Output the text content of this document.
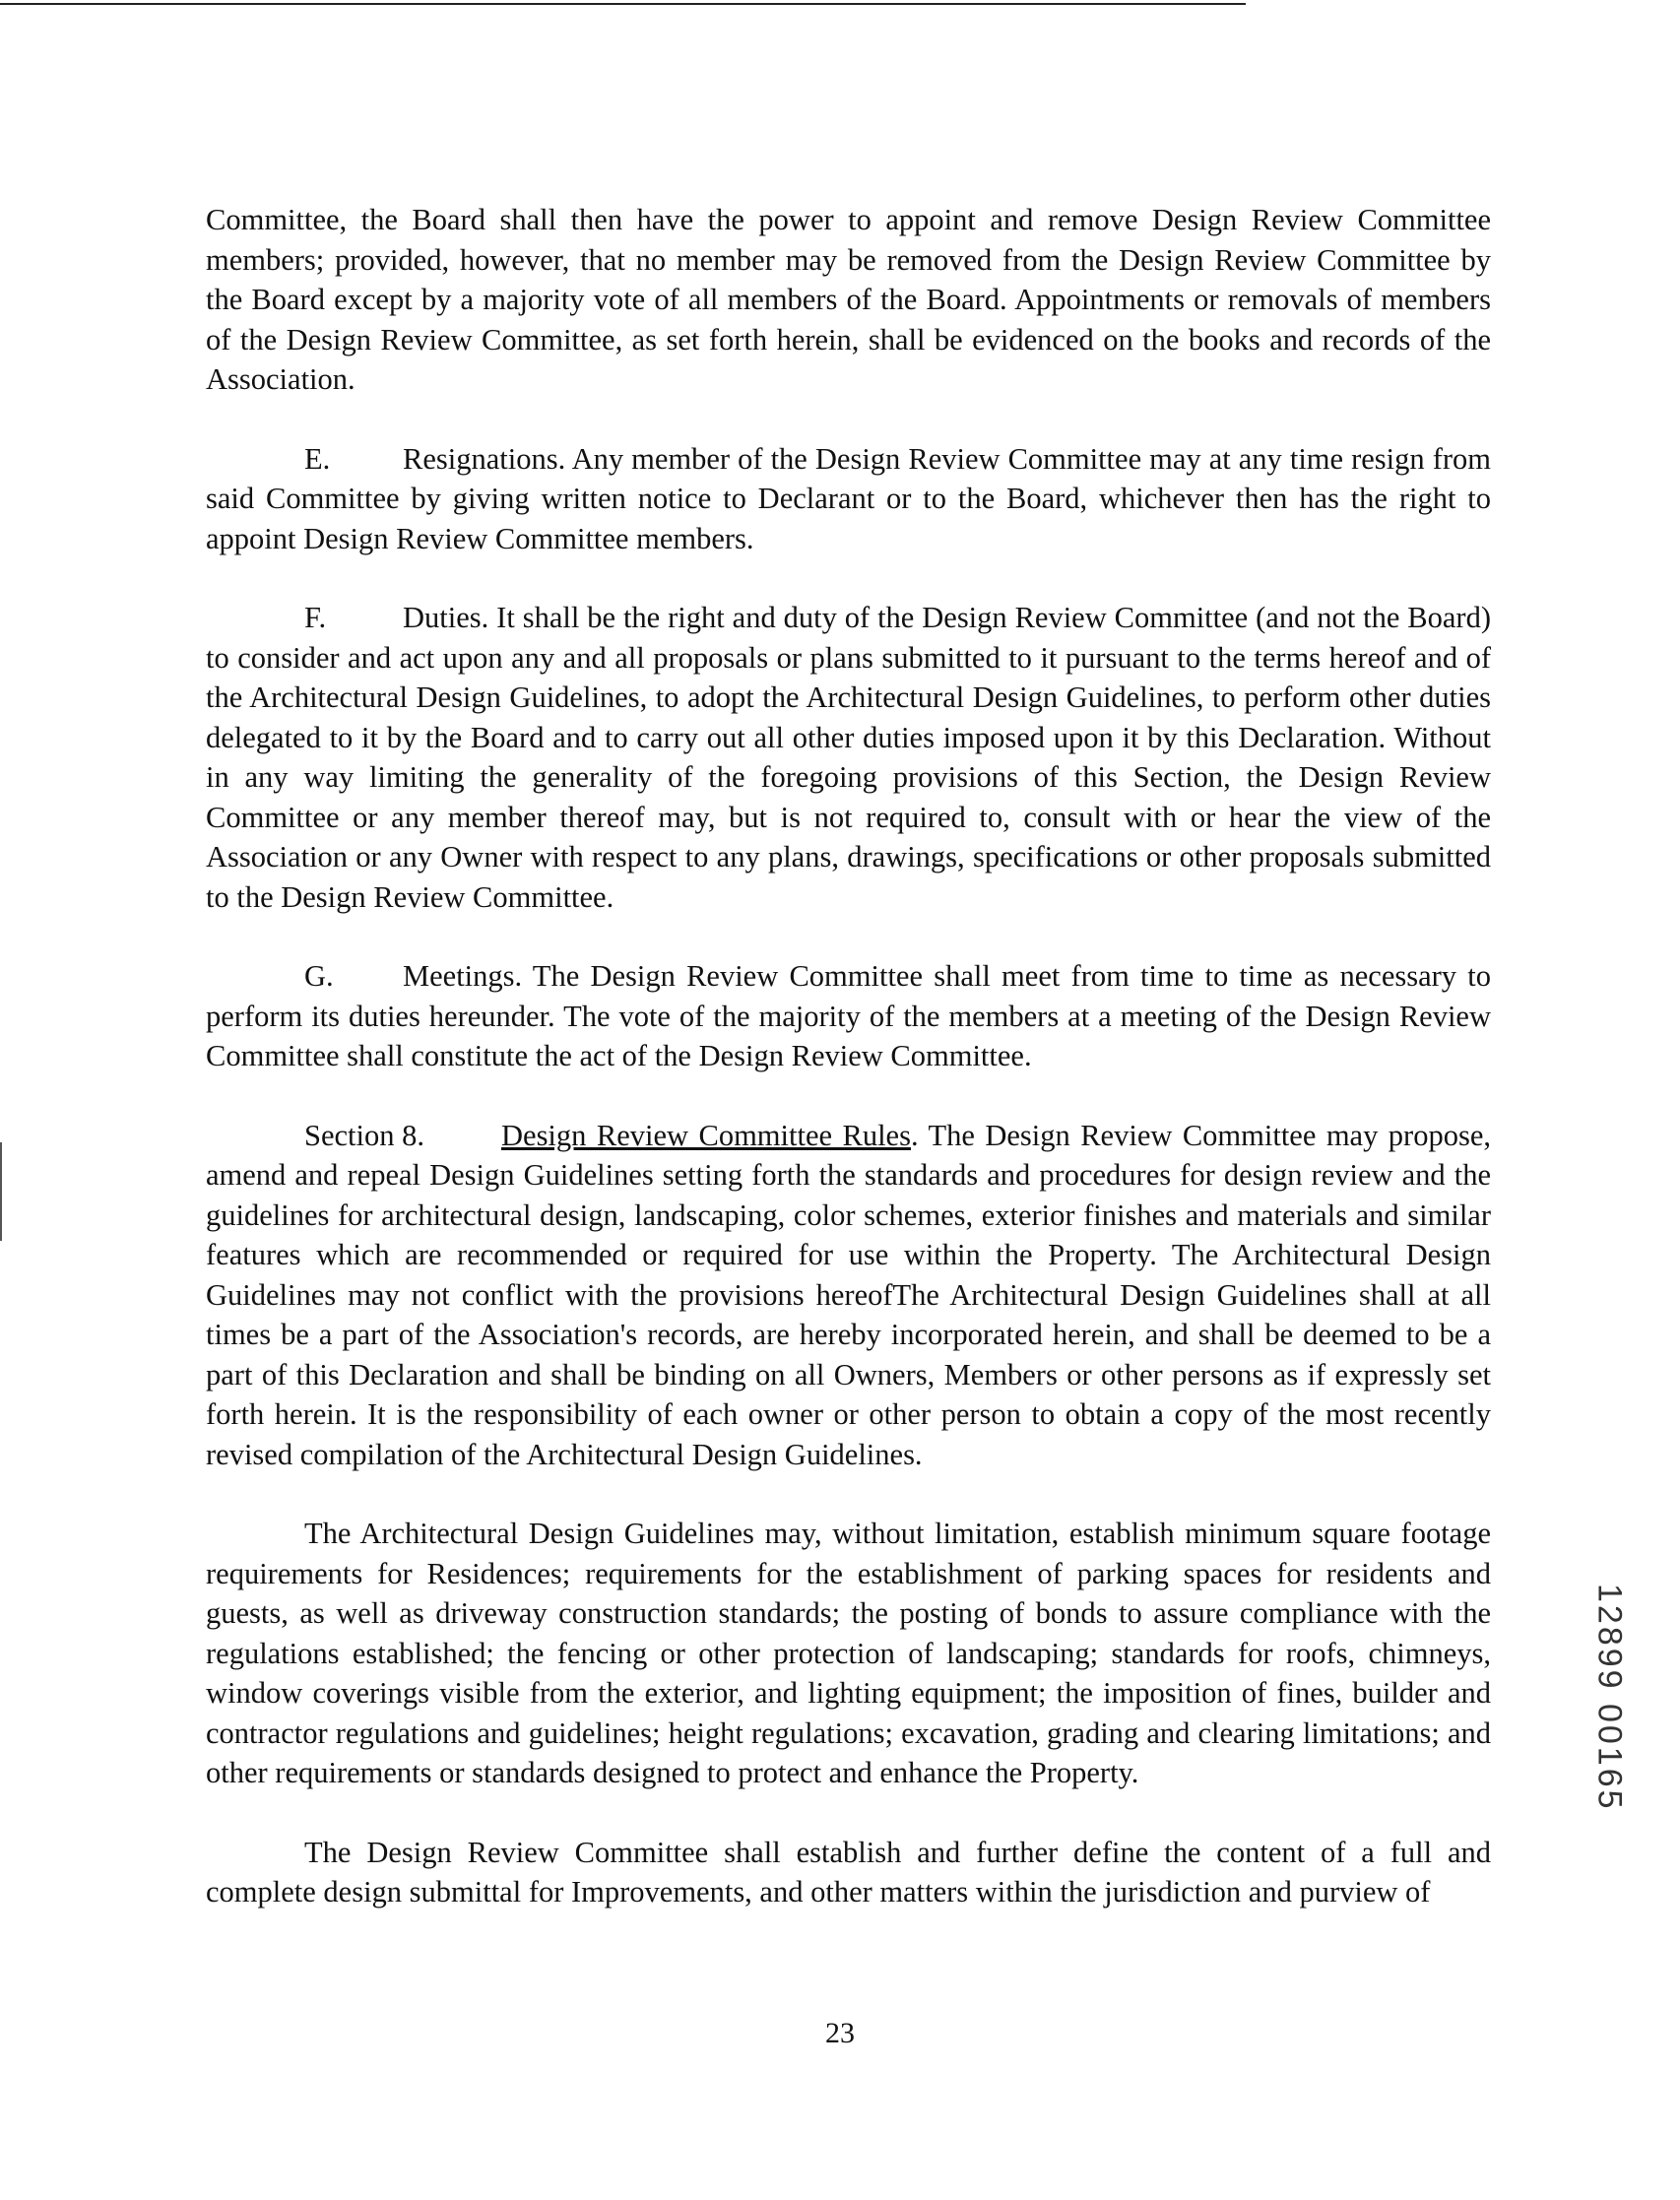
Committee, the Board shall then have the power to appoint and remove Design Review Committee members; provided, however, that no member may be removed from the Design Review Committee by the Board except by a majority vote of all members of the Board. Appointments or removals of members of the Design Review Committee, as set forth herein, shall be evidenced on the books and records of the Association.

E. Resignations. Any member of the Design Review Committee may at any time resign from said Committee by giving written notice to Declarant or to the Board, whichever then has the right to appoint Design Review Committee members.

F.	Duties. It shall be the right and duty of the Design Review Committee (and not the Board) to consider and act upon any and all proposals or plans submitted to it pursuant to the terms hereof and of the Architectural Design Guidelines, to adopt the Architectural Design Guidelines, to perform other duties delegated to it by the Board and to carry out all other duties imposed upon it by this Declaration. Without in any way limiting the generality of the foregoing provisions of this Section, the Design Review Committee or any member thereof may, but is not required to, consult with or hear the view of the Association or any Owner with respect to any plans, drawings, specifications or other proposals submitted to the Design Review Committee.

G. Meetings. The Design Review Committee shall meet from time to time as necessary to perform its duties hereunder. The vote of the majority of the members at a meeting of the Design Review Committee shall constitute the act of the Design Review Committee.

Section 8.	Design Review Committee Rules. The Design Review Committee may propose, amend and repeal Design Guidelines setting forth the standards and procedures for design review and the guidelines for architectural design, landscaping, color schemes, exterior finishes and materials and similar features which are recommended or required for use within the Property. The Architectural Design Guidelines may not conflict with the provisions hereofThe Architectural Design Guidelines shall at all times be a part of the Association's records, are hereby incorporated herein, and shall be deemed to be a part of this Declaration and shall be binding on all Owners, Members or other persons as if expressly set forth herein. It is the responsibility of each owner or other person to obtain a copy of the most recently revised compilation of the Architectural Design Guidelines.

The Architectural Design Guidelines may, without limitation, establish minimum square footage requirements for Residences; requirements for the establishment of parking spaces for residents and guests, as well as driveway construction standards; the posting of bonds to assure compliance with the regulations established; the fencing or other protection of landscaping; standards for roofs, chimneys, window coverings visible from the exterior, and lighting equipment; the imposition of fines, builder and contractor regulations and guidelines; height regulations; excavation, grading and clearing limitations; and other requirements or standards designed to protect and enhance the Property.

The Design Review Committee shall establish and further define the content of a full and complete design submittal for Improvements, and other matters within the jurisdiction and purview of

23
12899 00165
